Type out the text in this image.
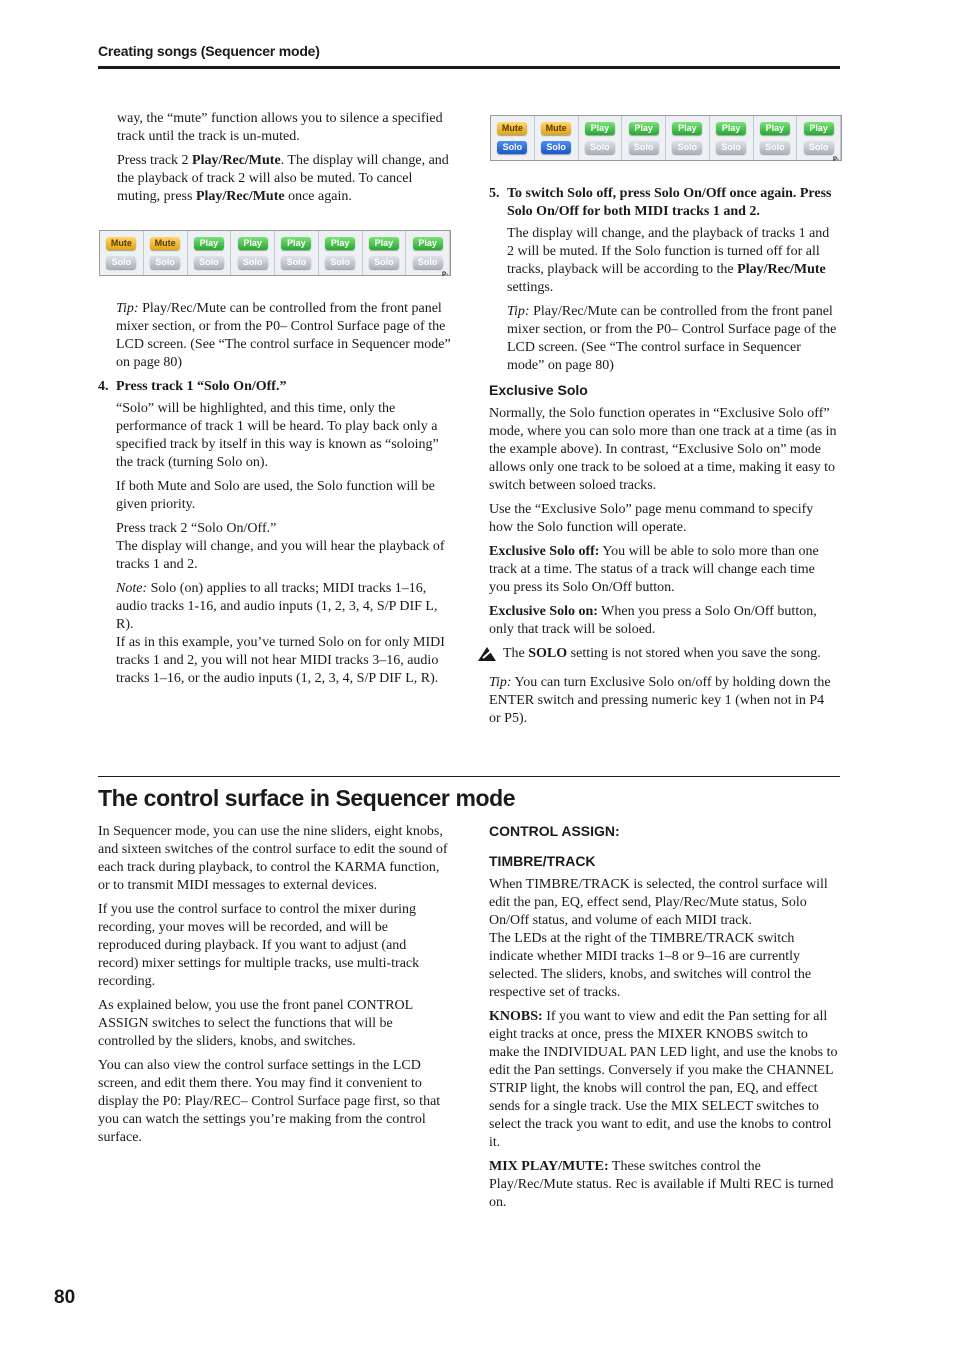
Creating songs (Sequencer mode)

way, the “mute” function allows you to silence a specified track until the track is un-muted.

Press track 2 Play/Rec/Mute. The display will change, and the playback of track 2 will also be muted. To cancel muting, press Play/Rec/Mute once again.

Mute
Solo
Mute
Solo
Play
Solo
Play
Solo
Play
Solo
Play
Solo
Play
Solo
Play
Solo
P-

Tip: Play/Rec/Mute can be controlled from the front panel mixer section, or from the P0– Control Surface page of the LCD screen. (See “The control surface in Sequencer mode” on page 80)

4. Press track 1 “Solo On/Off.”

“Solo” will be highlighted, and this time, only the performance of track 1 will be heard. To play back only a specified track by itself in this way is known as “soloing” the track (turning Solo on).

If both Mute and Solo are used, the Solo function will be given priority.

Press track 2 “Solo On/Off.”
The display will change, and you will hear the playback of tracks 1 and 2.

Note: Solo (on) applies to all tracks; MIDI tracks 1–16, audio tracks 1-16, and audio inputs (1, 2, 3, 4, S/P DIF L, R).
If as in this example, you’ve turned Solo on for only MIDI tracks 1 and 2, you will not hear MIDI tracks 3–16, audio tracks 1–16, or the audio inputs (1, 2, 3, 4, S/P DIF L, R).

Mute
Solo
Mute
Solo
Play
Solo
Play
Solo
Play
Solo
Play
Solo
Play
Solo
Play
Solo
P-
5. To switch Solo off, press Solo On/Off once again. Press Solo On/Off for both MIDI tracks 1 and 2.

The display will change, and the playback of tracks 1 and 2 will be muted. If the Solo function is turned off for all tracks, playback will be according to the Play/Rec/Mute settings.

Tip: Play/Rec/Mute can be controlled from the front panel mixer section, or from the P0– Control Surface page of the LCD screen. (See “The control surface in Sequencer mode” on page 80)

Exclusive Solo

Normally, the Solo function operates in “Exclusive Solo off” mode, where you can solo more than one track at a time (as in the example above). In contrast, “Exclusive Solo on” mode allows only one track to be soloed at a time, making it easy to switch between soloed tracks.

Use the “Exclusive Solo” page menu command to specify how the Solo function will operate.

Exclusive Solo off: You will be able to solo more than one track at a time. The status of a track will change each time you press its Solo On/Off button.

Exclusive Solo on: When you press a Solo On/Off button, only that track will be soloed.

The SOLO setting is not stored when you save the song.

Tip: You can turn Exclusive Solo on/off by holding down the ENTER switch and pressing numeric key 1 (when not in P4 or P5).

The control surface in Sequencer mode

In Sequencer mode, you can use the nine sliders, eight knobs, and sixteen switches of the control surface to edit the sound of each track during playback, to control the KARMA function, or to transmit MIDI messages to external devices.

If you use the control surface to control the mixer during recording, your moves will be recorded, and will be reproduced during playback. If you want to adjust (and record) mixer settings for multiple tracks, use multi-track recording.

As explained below, you use the front panel CONTROL ASSIGN switches to select the functions that will be controlled by the sliders, knobs, and switches.

You can also view the control surface settings in the LCD screen, and edit them there. You may find it convenient to display the P0: Play/REC– Control Surface page first, so that you can watch the settings you’re making from the control surface.

CONTROL ASSIGN:
TIMBRE/TRACK

When TIMBRE/TRACK is selected, the control surface will edit the pan, EQ, effect send, Play/Rec/Mute status, Solo On/Off status, and volume of each MIDI track.
The LEDs at the right of the TIMBRE/TRACK switch indicate whether MIDI tracks 1–8 or 9–16 are currently selected. The sliders, knobs, and switches will control the respective set of tracks.

KNOBS: If you want to view and edit the Pan setting for all eight tracks at once, press the MIXER KNOBS switch to make the INDIVIDUAL PAN LED light, and use the knobs to edit the Pan settings. Conversely if you make the CHANNEL STRIP light, the knobs will control the pan, EQ, and effect sends for a single track. Use the MIX SELECT switches to select the track you want to edit, and use the knobs to control it.

MIX PLAY/MUTE: These switches control the Play/Rec/Mute status. Rec is available if Multi REC is turned on.

80
